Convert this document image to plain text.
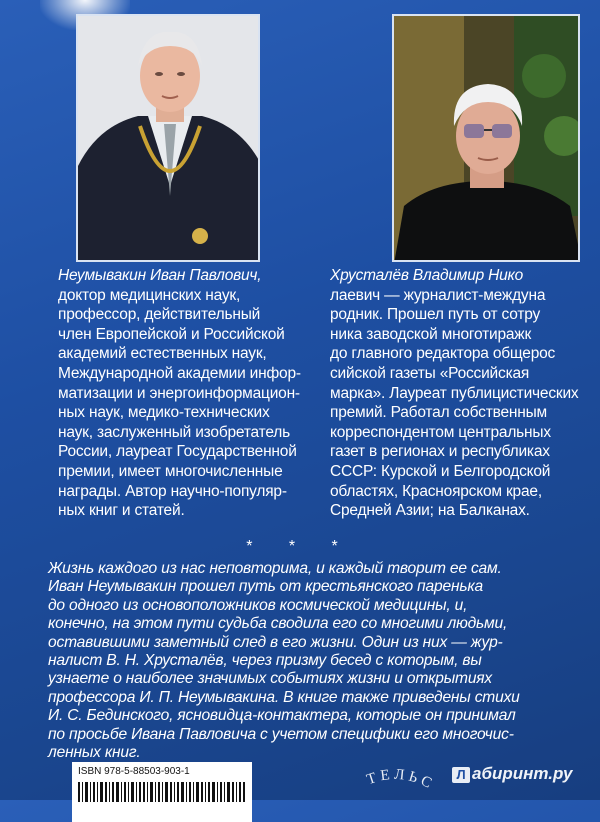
Неумывакин Иван Павлович,
доктор медицинских наук,
профессор, действительный
член Европейской и Российской
академий естественных наук,
Международной академии инфор-
матизации и энергоинформацион-
ных наук, медико-технических
наук, заслуженный изобретатель
России, лауреат Государственной
премии, имеет многочисленные
награды. Автор научно-популяр-
ных книг и статей.
Хрусталёв Владимир Нико
лаевич — журналист-междуна
родник. Прошел путь от сотру
ника заводской многотиражк
до главного редактора общерос
сийской газеты «Российская
марка». Лауреат публицистических
премий. Работал собственным
корреспондентом центральных
газет в регионах и республиках
СССР: Курской и Белгородской
областях, Красноярском крае,
Средней Азии; на Балканах.
* * *
Жизнь каждого из нас неповторима, и каждый творит ее сам.
Иван Неумывакин прошел путь от крестьянского паренька
до одного из основоположников космической медицины, и,
конечно, на этом пути судьба сводила его со многими людьми,
оставившими заметный след в его жизни. Один из них — жур-
налист В. Н. Хрусталёв, через призму бесед с которым, вы
узнаете о наиболее значимых событиях жизни и открытиях
профессора И. П. Неумывакина. В книге также приведены стихи
И. С. Бединского, ясновидца-контактера, которые он принимал
по просьбе Ивана Павловича с учетом специфики его многочис-
ленных книг.
ISBN 978-5-88503-903-1	ТЕЛЬС	Л абиринт.ру
